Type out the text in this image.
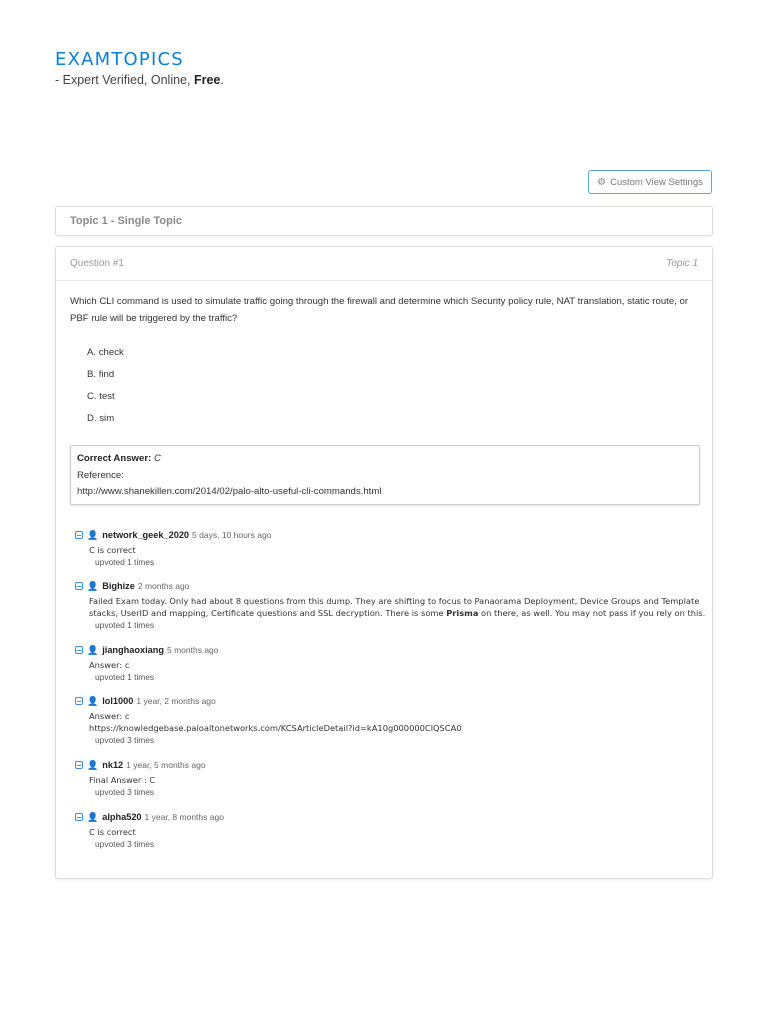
EXAMTOPICS
- Expert Verified, Online, Free.
⚙ Custom View Settings
Topic 1 - Single Topic
Question #1	Topic 1
Which CLI command is used to simulate traffic going through the firewall and determine which Security policy rule, NAT translation, static route, or PBF rule will be triggered by the traffic?
A. check
B. find
C. test
D. sim
Correct Answer: C
Reference:
http://www.shanekillen.com/2014/02/palo-alto-useful-cli-commands.html
👤 network_geek_2020 5 days, 10 hours ago
C is correct
upvoted 1 times
👤 Bighize 2 months ago
Failed Exam today. Only had about 8 questions from this dump. They are shifting to focus to Panaorama Deployment, Device Groups and Template stacks, UserID and mapping, Certificate questions and SSL decryption. There is some Prisma on there, as well. You may not pass if you rely on this.
upvoted 1 times
👤 jianghaoxiang 5 months ago
Answer: c
upvoted 1 times
👤 lol1000 1 year, 2 months ago
Answer: c
https://knowledgebase.paloaltonetworks.com/KCSArticleDetail?id=kA10g000000ClQSCA0
upvoted 3 times
👤 nk12 1 year, 5 months ago
Final Answer : C
upvoted 3 times
👤 alpha520 1 year, 8 months ago
C is correct
upvoted 3 times
